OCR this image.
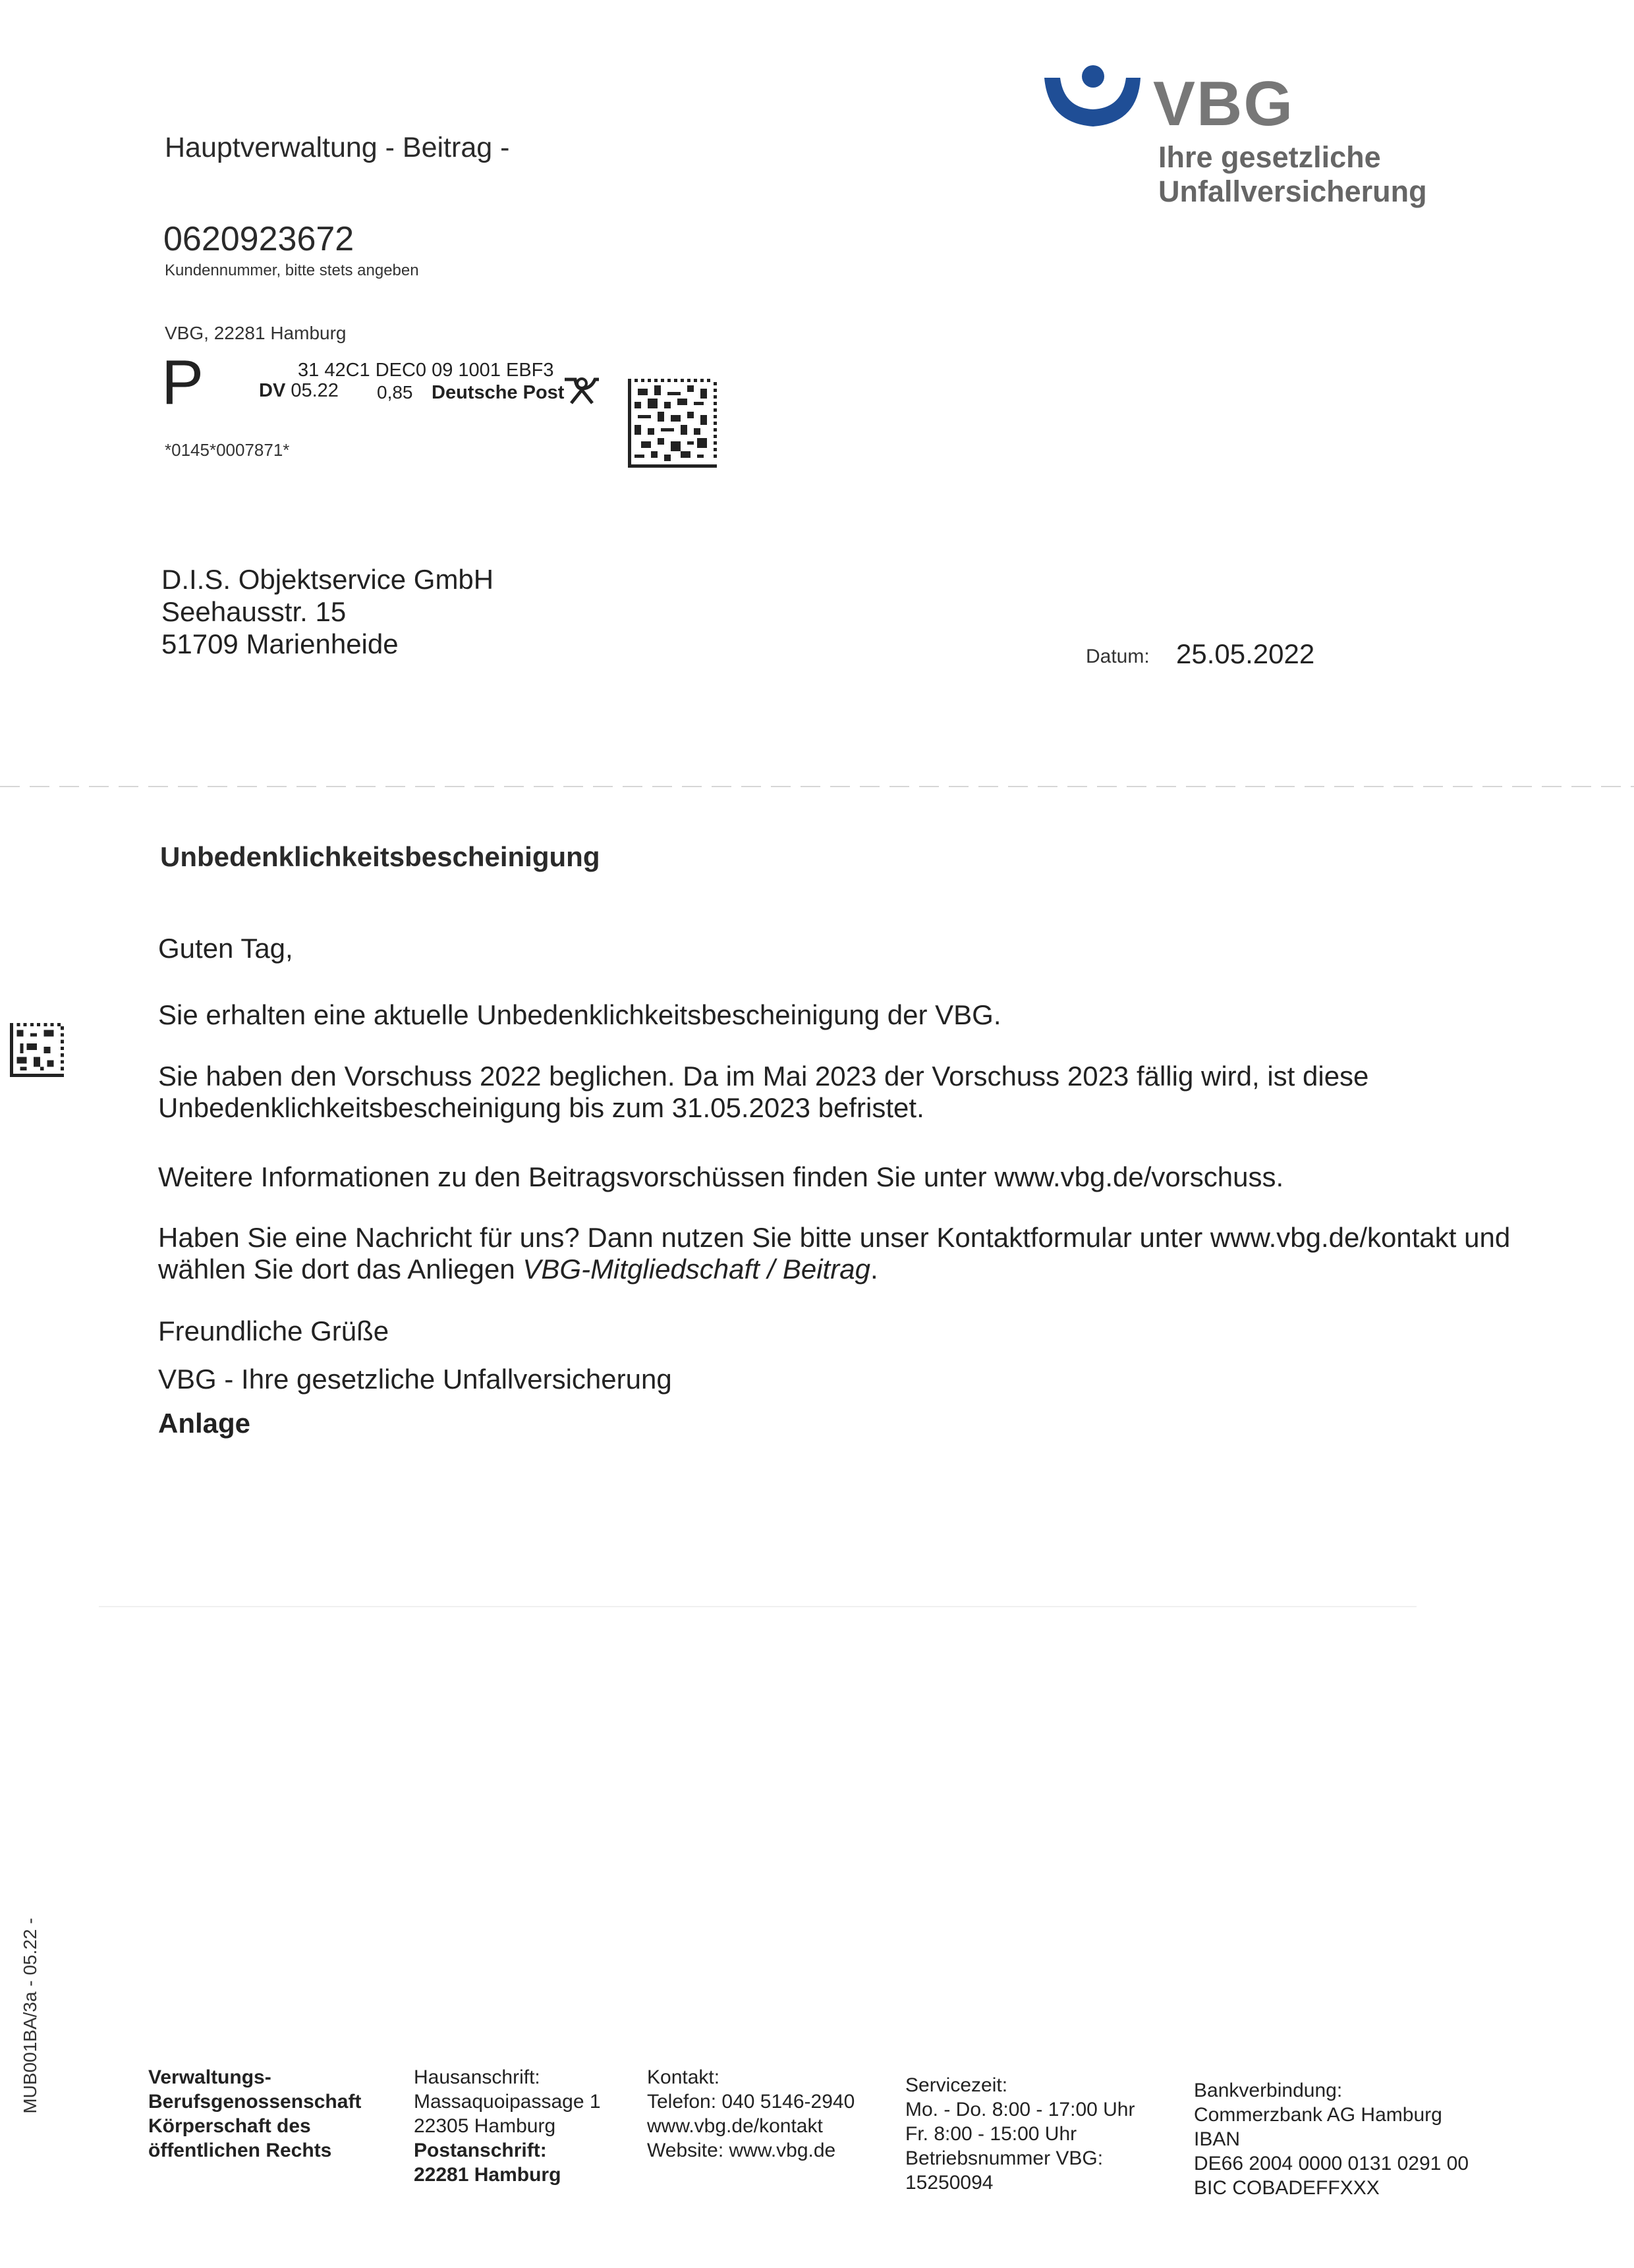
VBG
Ihre gesetzliche
Unfallversicherung
Hauptverwaltung - Beitrag -
0620923672
Kundennummer, bitte stets angeben
VBG, 22281 Hamburg
P	31 42C1 DEC0 09 1001 EBF3
DV 05.22 0,85 Deutsche Post
*0145*0007871*
D.I.S. Objektservice GmbH
Seehausstr. 15
51709 Marienheide	Datum: 25.05.2022
Unbedenklichkeitsbescheinigung
Guten Tag,
Sie erhalten eine aktuelle Unbedenklichkeitsbescheinigung der VBG.
Sie haben den Vorschuss 2022 beglichen. Da im Mai 2023 der Vorschuss 2023 fällig wird, ist diese
Unbedenklichkeitsbescheinigung bis zum 31.05.2023 befristet.
Weitere Informationen zu den Beitragsvorschüssen finden Sie unter www.vbg.de/vorschuss.
Haben Sie eine Nachricht für uns? Dann nutzen Sie bitte unser Kontaktformular unter www.vbg.de/kontakt und
wählen Sie dort das Anliegen VBG-Mitgliedschaft / Beitrag.
Freundliche Grüße
VBG - Ihre gesetzliche Unfallversicherung
Anlage
MUB001BA/3a - 05.22 -	Verwaltungs-
Berufsgenossenschaft
Körperschaft des
öffentlichen Rechts
Hausanschrift:
Massaquoipassage 1
22305 Hamburg
Postanschrift:
22281 Hamburg
Kontakt:
Telefon: 040 5146-2940
www.vbg.de/kontakt
Website: www.vbg.de
Servicezeit:
Mo. - Do. 8:00 - 17:00 Uhr
Fr. 8:00 - 15:00 Uhr
Betriebsnummer VBG:
15250094
Bankverbindung:
Commerzbank AG Hamburg
IBAN
DE66 2004 0000 0131 0291 00
BIC COBADEFFXXX
